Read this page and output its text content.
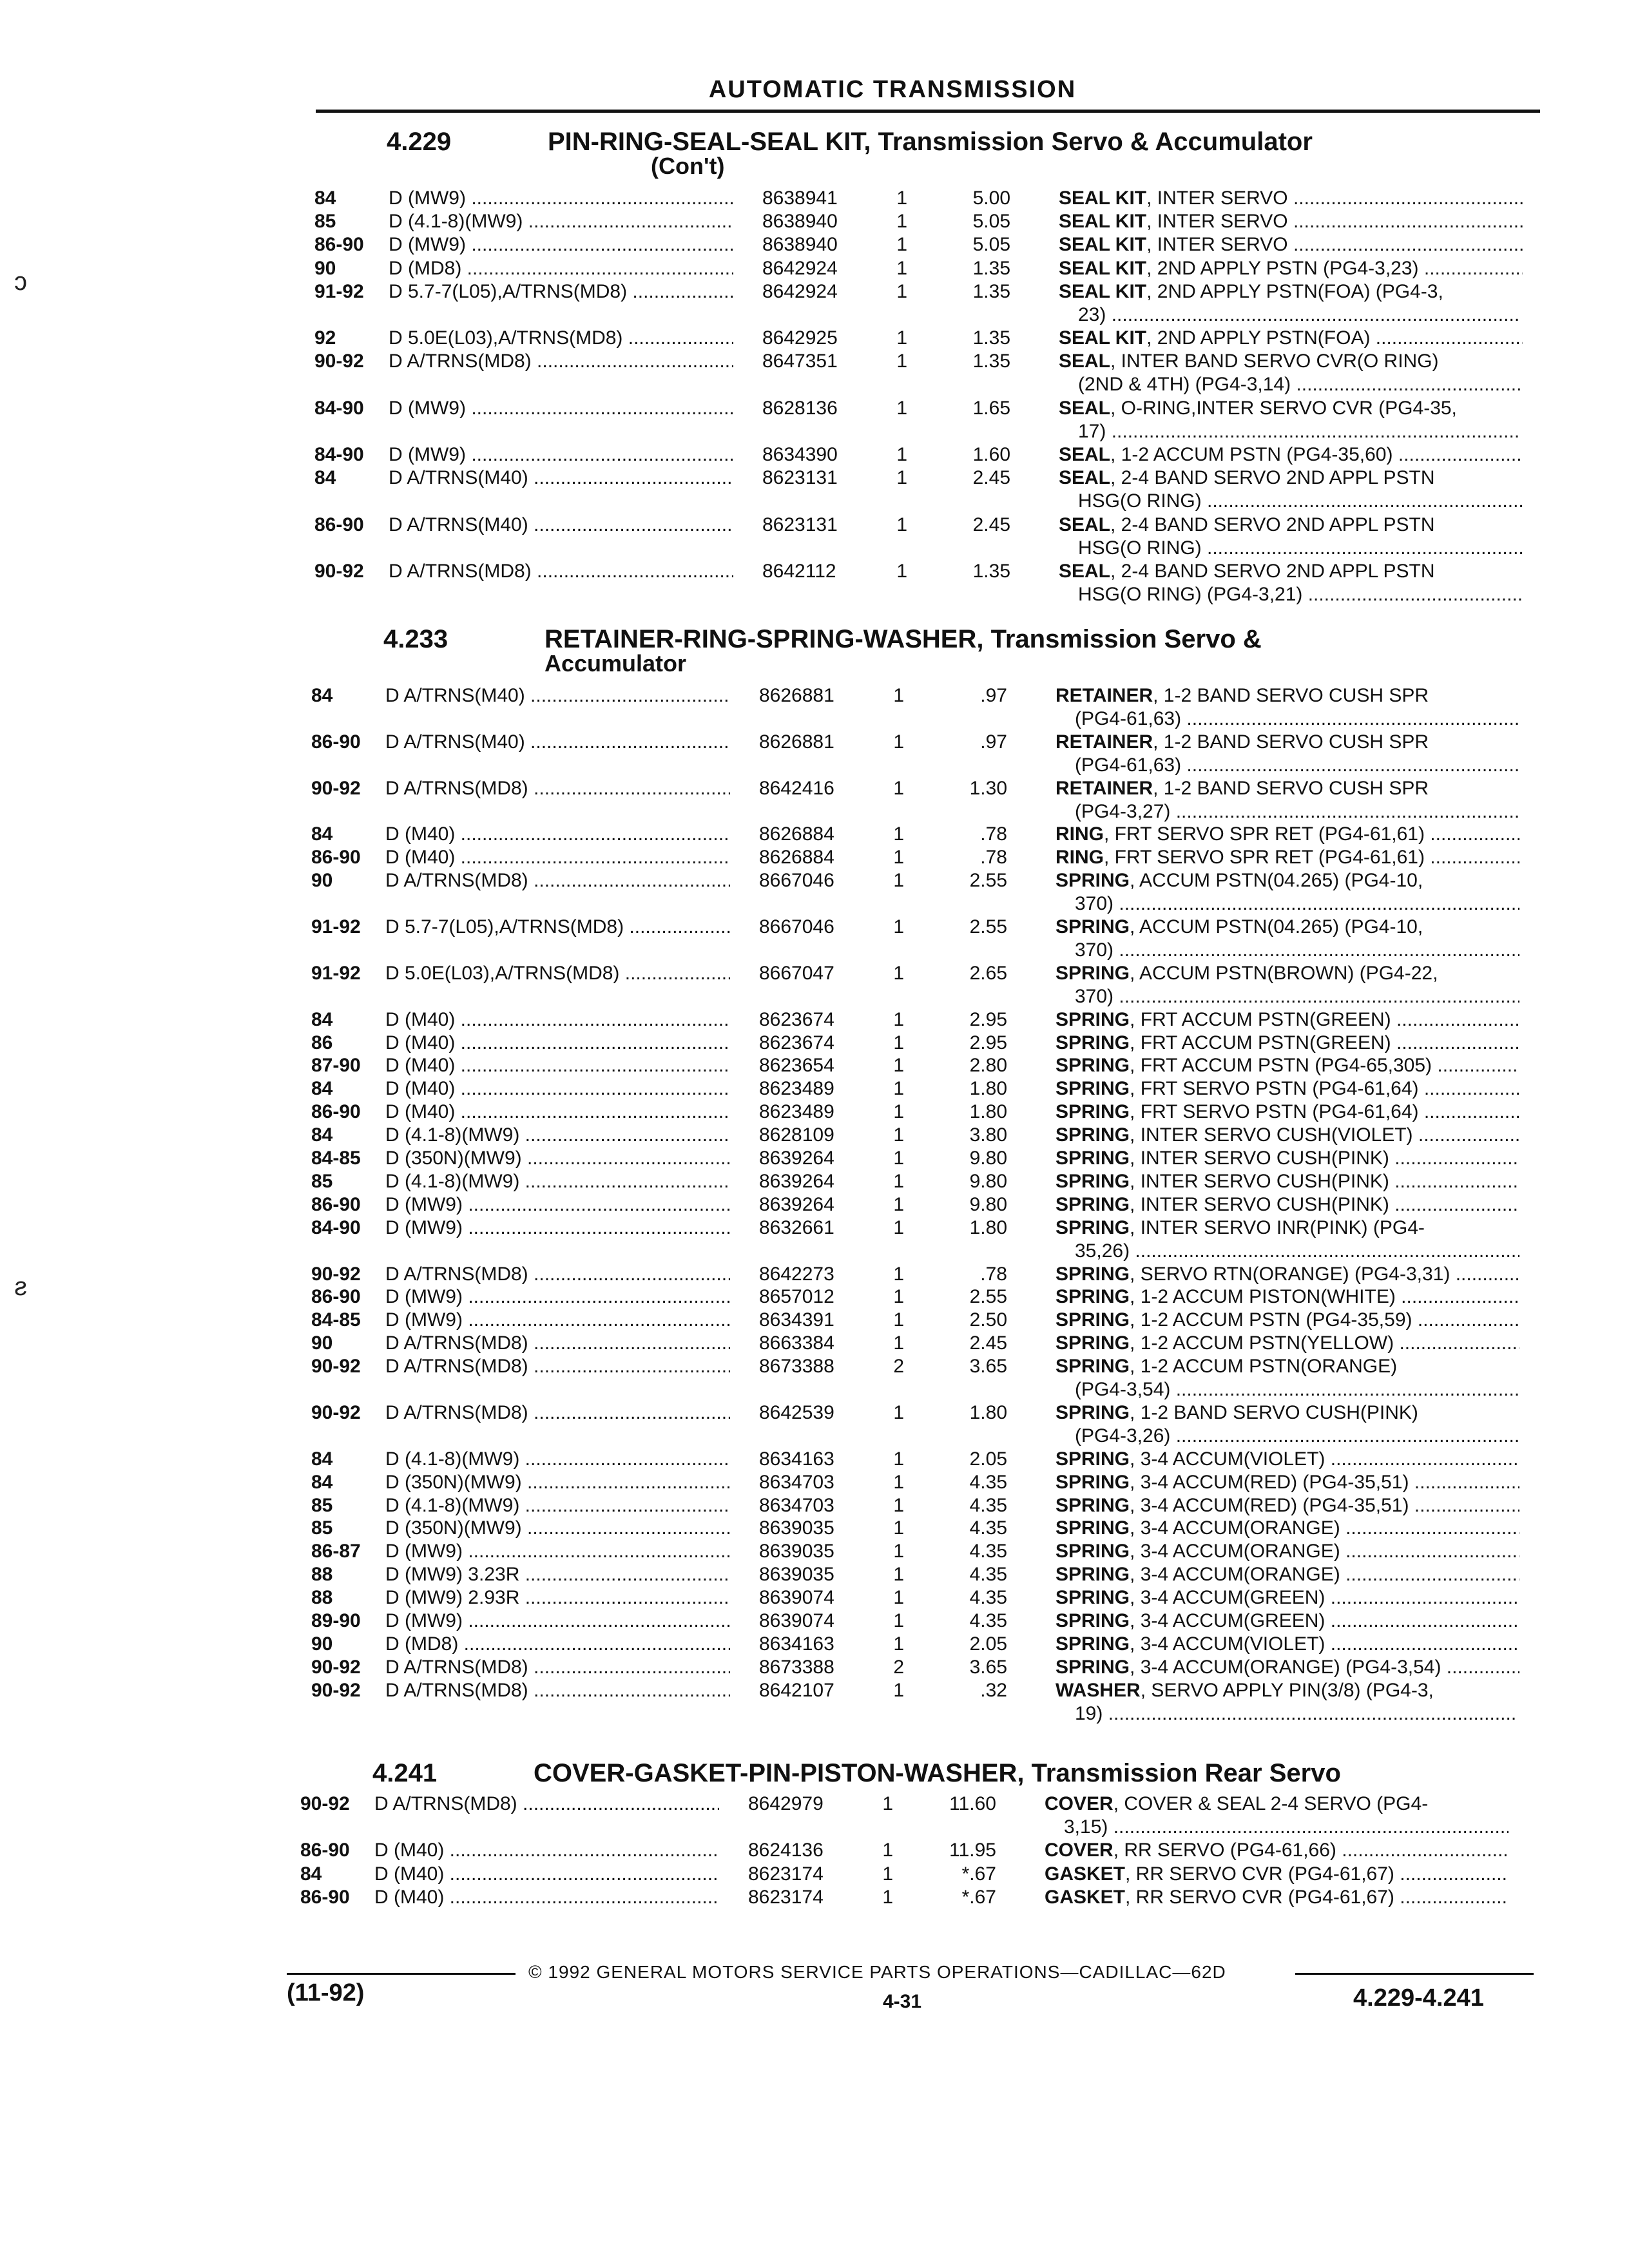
AUTOMATIC TRANSMISSION
ɔ
ƨ
4.229	PIN-RING-SEAL-SEAL KIT, Transmission Servo & Accumulator
(Con't)
84	D (MW9) .....	8638941	1	5.00	SEAL KIT, INTER SERVO .....
85	D (4.1-8)(MW9) .....	8638940	1	5.05	SEAL KIT, INTER SERVO .....
86-90	D (MW9) .....	8638940	1	5.05	SEAL KIT, INTER SERVO .....
90	D (MD8) .....	8642924	1	1.35	SEAL KIT, 2ND APPLY PSTN (PG4-3,23) .....
91-92	D 5.7-7(L05),A/TRNS(MD8) .....	8642924	1	1.35	SEAL KIT, 2ND APPLY PSTN(FOA) (PG4-3,
23) .....
92	D 5.0E(L03),A/TRNS(MD8) .....	8642925	1	1.35	SEAL KIT, 2ND APPLY PSTN(FOA) .....
90-92	D A/TRNS(MD8) .....	8647351	1	1.35	SEAL, INTER BAND SERVO CVR(O RING)
(2ND & 4TH) (PG4-3,14) .....
84-90	D (MW9) .....	8628136	1	1.65	SEAL, O-RING,INTER SERVO CVR (PG4-35,
17) .....
84-90	D (MW9) .....	8634390	1	1.60	SEAL, 1-2 ACCUM PSTN (PG4-35,60) .....
84	D A/TRNS(M40) .....	8623131	1	2.45	SEAL, 2-4 BAND SERVO 2ND APPL PSTN
HSG(O RING) .....
86-90	D A/TRNS(M40) .....	8623131	1	2.45	SEAL, 2-4 BAND SERVO 2ND APPL PSTN
HSG(O RING) .....
90-92	D A/TRNS(MD8) .....	8642112	1	1.35	SEAL, 2-4 BAND SERVO 2ND APPL PSTN
HSG(O RING) (PG4-3,21) .....
4.233	RETAINER-RING-SPRING-WASHER, Transmission Servo &
Accumulator
84	D A/TRNS(M40) .....	8626881	1	.97	RETAINER, 1-2 BAND SERVO CUSH SPR
(PG4-61,63) .....
86-90	D A/TRNS(M40) .....	8626881	1	.97	RETAINER, 1-2 BAND SERVO CUSH SPR
(PG4-61,63) .....
90-92	D A/TRNS(MD8) .....	8642416	1	1.30	RETAINER, 1-2 BAND SERVO CUSH SPR
(PG4-3,27) .....
84	D (M40) .....	8626884	1	.78	RING, FRT SERVO SPR RET (PG4-61,61) .....
86-90	D (M40) .....	8626884	1	.78	RING, FRT SERVO SPR RET (PG4-61,61) .....
90	D A/TRNS(MD8) .....	8667046	1	2.55	SPRING, ACCUM PSTN(04.265) (PG4-10,
370) .....
91-92	D 5.7-7(L05),A/TRNS(MD8) .....	8667046	1	2.55	SPRING, ACCUM PSTN(04.265) (PG4-10,
370) .....
91-92	D 5.0E(L03),A/TRNS(MD8) .....	8667047	1	2.65	SPRING, ACCUM PSTN(BROWN) (PG4-22,
370) .....
84	D (M40) .....	8623674	1	2.95	SPRING, FRT ACCUM PSTN(GREEN) .....
86	D (M40) .....	8623674	1	2.95	SPRING, FRT ACCUM PSTN(GREEN) .....
87-90	D (M40) .....	8623654	1	2.80	SPRING, FRT ACCUM PSTN (PG4-65,305) .....
84	D (M40) .....	8623489	1	1.80	SPRING, FRT SERVO PSTN (PG4-61,64) .....
86-90	D (M40) .....	8623489	1	1.80	SPRING, FRT SERVO PSTN (PG4-61,64) .....
84	D (4.1-8)(MW9) .....	8628109	1	3.80	SPRING, INTER SERVO CUSH(VIOLET) .....
84-85	D (350N)(MW9) .....	8639264	1	9.80	SPRING, INTER SERVO CUSH(PINK) .....
85	D (4.1-8)(MW9) .....	8639264	1	9.80	SPRING, INTER SERVO CUSH(PINK) .....
86-90	D (MW9) .....	8639264	1	9.80	SPRING, INTER SERVO CUSH(PINK) .....
84-90	D (MW9) .....	8632661	1	1.80	SPRING, INTER SERVO INR(PINK) (PG4-
35,26) .....
90-92	D A/TRNS(MD8) .....	8642273	1	.78	SPRING, SERVO RTN(ORANGE) (PG4-3,31) .....
86-90	D (MW9) .....	8657012	1	2.55	SPRING, 1-2 ACCUM PISTON(WHITE) .....
84-85	D (MW9) .....	8634391	1	2.50	SPRING, 1-2 ACCUM PSTN (PG4-35,59) .....
90	D A/TRNS(MD8) .....	8663384	1	2.45	SPRING, 1-2 ACCUM PSTN(YELLOW) .....
90-92	D A/TRNS(MD8) .....	8673388	2	3.65	SPRING, 1-2 ACCUM PSTN(ORANGE)
(PG4-3,54) .....
90-92	D A/TRNS(MD8) .....	8642539	1	1.80	SPRING, 1-2 BAND SERVO CUSH(PINK)
(PG4-3,26) .....
84	D (4.1-8)(MW9) .....	8634163	1	2.05	SPRING, 3-4 ACCUM(VIOLET) .....
84	D (350N)(MW9) .....	8634703	1	4.35	SPRING, 3-4 ACCUM(RED) (PG4-35,51) .....
85	D (4.1-8)(MW9) .....	8634703	1	4.35	SPRING, 3-4 ACCUM(RED) (PG4-35,51) .....
85	D (350N)(MW9) .....	8639035	1	4.35	SPRING, 3-4 ACCUM(ORANGE) .....
86-87	D (MW9) .....	8639035	1	4.35	SPRING, 3-4 ACCUM(ORANGE) .....
88	D (MW9) 3.23R .....	8639035	1	4.35	SPRING, 3-4 ACCUM(ORANGE) .....
88	D (MW9) 2.93R .....	8639074	1	4.35	SPRING, 3-4 ACCUM(GREEN) .....
89-90	D (MW9) .....	8639074	1	4.35	SPRING, 3-4 ACCUM(GREEN) .....
90	D (MD8) .....	8634163	1	2.05	SPRING, 3-4 ACCUM(VIOLET) .....
90-92	D A/TRNS(MD8) .....	8673388	2	3.65	SPRING, 3-4 ACCUM(ORANGE) (PG4-3,54) .....
90-92	D A/TRNS(MD8) .....	8642107	1	.32	WASHER, SERVO APPLY PIN(3/8) (PG4-3,
19) .....
4.241	COVER-GASKET-PIN-PISTON-WASHER, Transmission Rear Servo
90-92	D A/TRNS(MD8) .....	8642979	1	11.60	COVER, COVER & SEAL 2-4 SERVO (PG4-
3,15) .....
86-90	D (M40) .....	8624136	1	11.95	COVER, RR SERVO (PG4-61,66) .....
84	D (M40) .....	8623174	1	*.67	GASKET, RR SERVO CVR (PG4-61,67) .....
86-90	D (M40) .....	8623174	1	*.67	GASKET, RR SERVO CVR (PG4-61,67) .....
© 1992 GENERAL MOTORS SERVICE PARTS OPERATIONS—CADILLAC—62D
(11-92)	4-31	4.229-4.241
